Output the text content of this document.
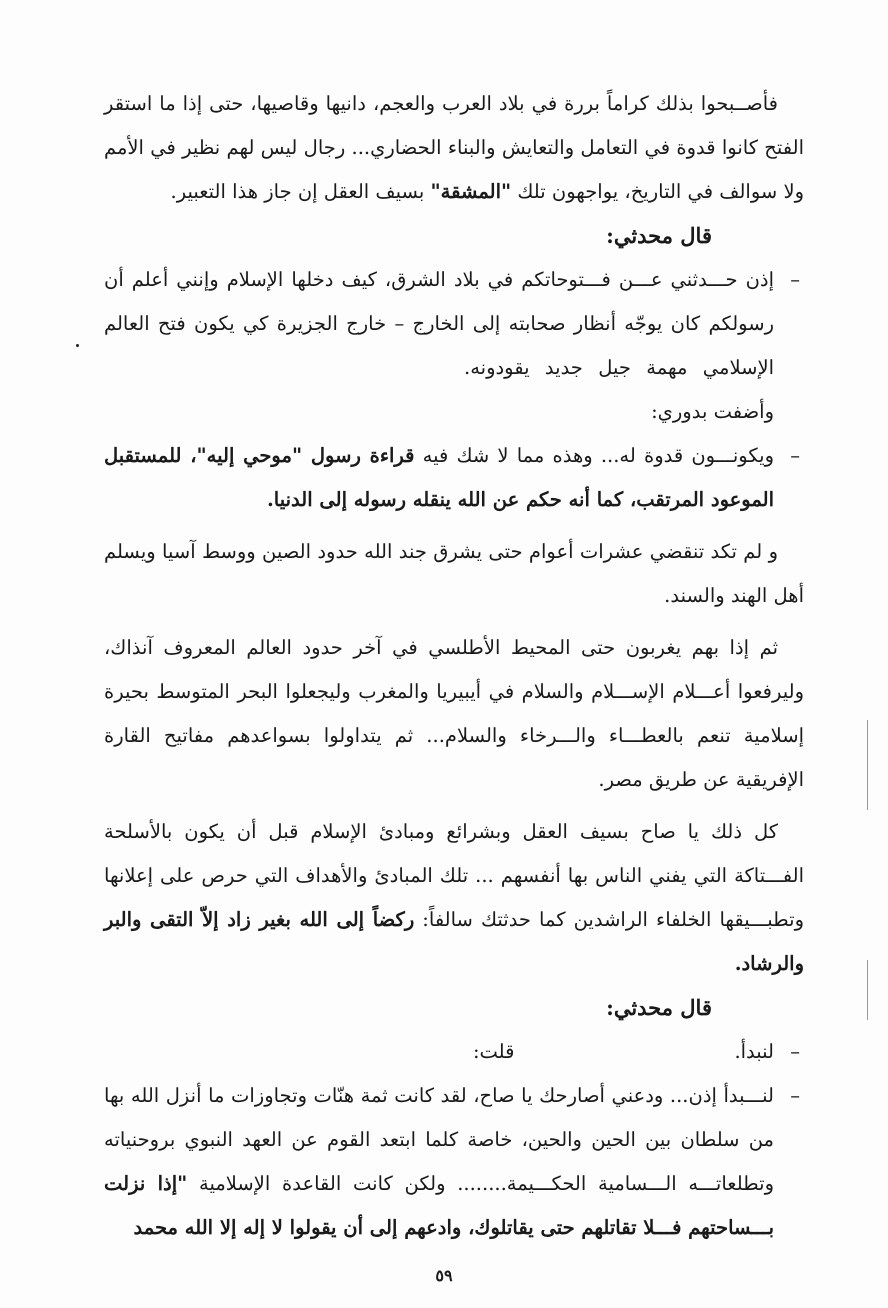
فأصــبحوا بذلك كراماً بررة في بلاد العرب والعجم، دانيها وقاصيها، حتى إذا ما استقر الفتح كانوا قدوة في التعامل والتعايش والبناء الحضاري... رجال ليس لهم نظير في الأمم ولا سوالف في التاريخ، يواجهون تلك "المشقة" بسيف العقل إن جاز هذا التعبير.

قال محدثي:

–
إذن حـــدثني عـــن فـــتوحاتكم في بلاد الشرق، كيف دخلها الإسلام وإنني أعلم أن رسولكم كان يوجّه أنظار صحابته إلى الخارج – خارج الجزيرة كي يكون فتح العالم الإسلامي مهمة جيل جديد يقودونه.وأضفت بدوري:

–
ويكونـــون قدوة له... وهذه مما لا شك فيه قراءة رسول "موحي إليه"، للمستقبل الموعود المرتقب، كما أنه حكم عن الله ينقله رسوله إلى الدنيا.

و لم تكد تنقضي عشرات أعوام حتى يشرق جند الله حدود الصين ووسط آسيا ويسلم أهل الهند والسند.

ثم إذا بهم يغربون حتى المحيط الأطلسي في آخر حدود العالم المعروف آنذاك، وليرفعوا أعـــلام الإســـلام والسلام في أيبيريا والمغرب وليجعلوا البحر المتوسط بحيرة إسلامية تنعم بالعطـــاء والـــرخاء والسلام... ثم يتداولوا بسواعدهم مفاتيح القارة الإفريقية عن طريق مصر.

كل ذلك يا صاح بسيف العقل وبشرائع ومبادئ الإسلام قبل أن يكون بالأسلحة الفـــتاكة التي يفني الناس بها أنفسهم ... تلك المبادئ والأهداف التي حرص على إعلانها وتطبـــيقها الخلفاء الراشدين كما حدثتك سالفاً: ركضاً إلى الله بغير زاد إلاّ التقى والبر والرشاد.

قال محدثي:

–
لنبدأ.قلت:

–
لنـــبدأ إذن... ودعني أصارحك يا صاح، لقد كانت ثمة هنّات وتجاوزات ما أنزل الله بها من سلطان بين الحين والحين، خاصة كلما ابتعد القوم عن العهد النبوي بروحنياته وتطلعاتـــه الـــسامية الحكـــيمة........ ولكن كانت القاعدة الإسلامية "إذا نزلت بـــساحتهم فـــلا تقاتلهم حتى يقاتلوك، وادعهم إلى أن يقولوا لا إله إلا الله محمد

٥٩
